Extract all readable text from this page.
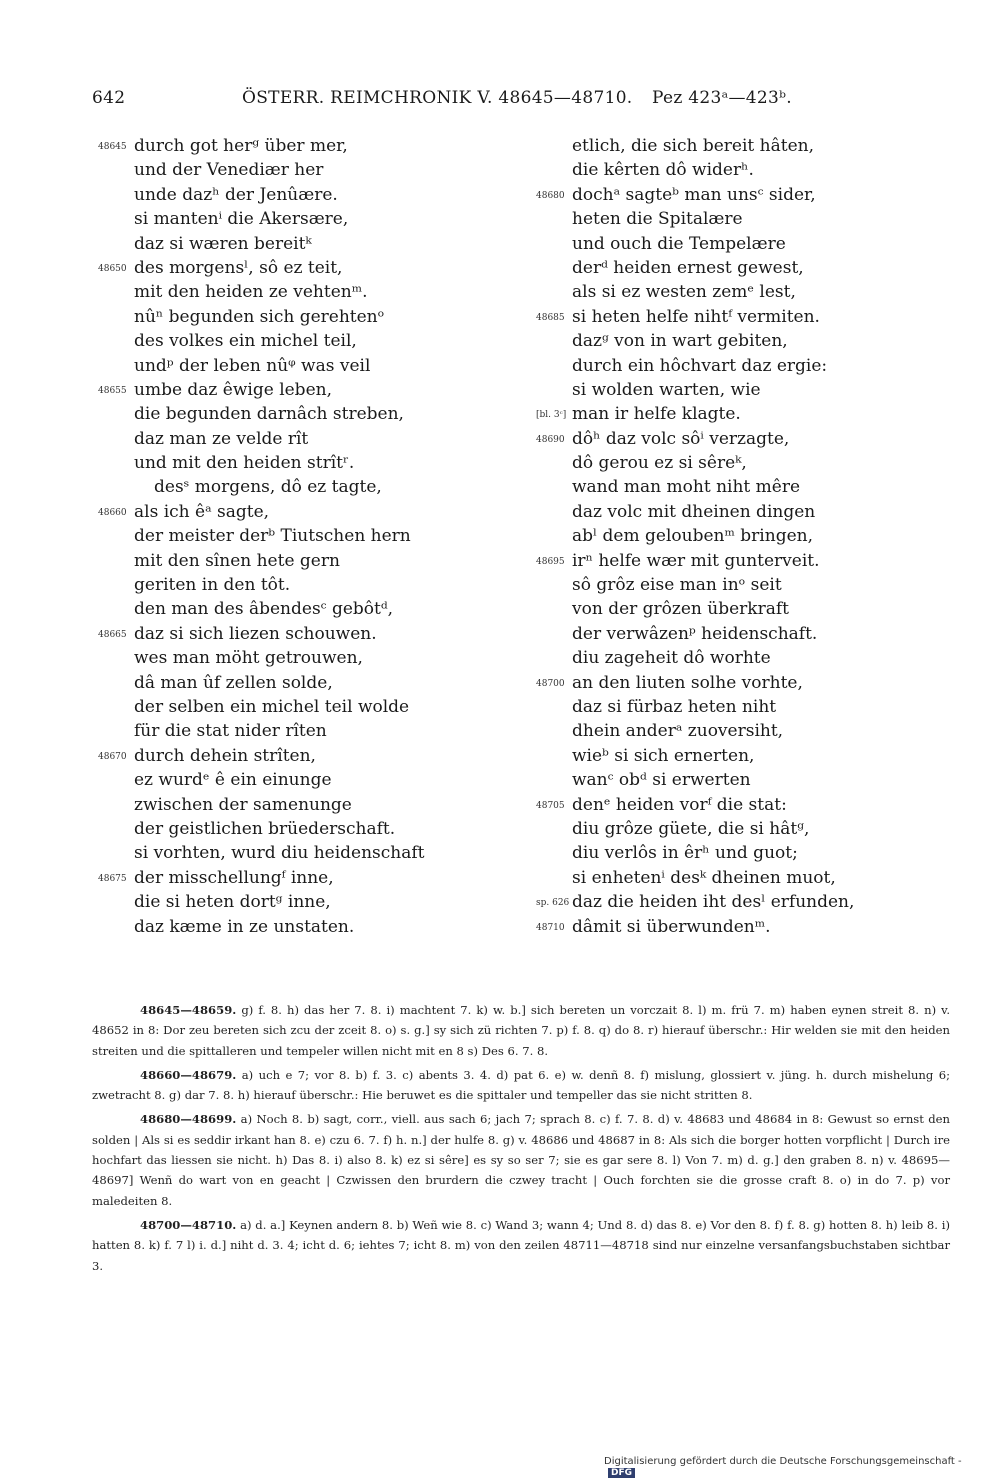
642	ÖSTERR. REIMCHRONIK V. 48645—48710. Pez 423ᵃ—423ᵇ.
48645 durch got herᵍ über mer,
und der Venediær her
unde dazʰ der Jenûære.
si mantenⁱ die Akersære,
daz si wæren bereitᵏ
48650 des morgensˡ, sô ez teit,
mit den heiden ze vehtenᵐ.
nûⁿ begunden sich gerehtenᵒ
des volkes ein michel teil,
undᵖ der leben nûᵠ was veil
48655 umbe daz êwige leben,
die begunden darnâch streben,
daz man ze velde rît
und mit den heiden strîtʳ.
desˢ morgens, dô ez tagte,
48660 als ich êᵃ sagte,
der meister derᵇ Tiutschen hern
mit den sînen hete gern
geriten in den tôt.
den man des âbendesᶜ gebôtᵈ,
48665 daz si sich liezen schouwen.
wes man möht getrouwen,
dâ man ûf zellen solde,
der selben ein michel teil wolde
für die stat nider rîten
48670 durch dehein strîten,
ez wurdᵉ ê ein einunge
zwischen der samenunge
der geistlichen brüederschaft.
si vorhten, wurd diu heidenschaft
48675 der misschellungᶠ inne,
die si heten dortᵍ inne,
daz kæme in ze unstaten.
etlich, die sich bereit hâten,
die kêrten dô widerʰ.
48680 dochᵃ sagteᵇ man unsᶜ sider,
heten die Spitalære
und ouch die Tempelære
derᵈ heiden ernest gewest,
als si ez westen zemᵉ lest,
48685 si heten helfe nihtᶠ vermiten.
dazᵍ von in wart gebiten,
durch ein hôchvart daz ergie:
si wolden warten, wie
[bl. 3ᶜ] man ir helfe klagte.
48690 dôʰ daz volc sôⁱ verzagte,
dô gerou ez si sêreᵏ,
wand man moht niht mêre
daz volc mit dheinen dingen
abˡ dem geloubenᵐ bringen,
48695 irⁿ helfe wær mit gunterveit.
sô grôz eise man inᵒ seit
von der grôzen überkraft
der verwâzenᵖ heidenschaft.
diu zageheit dô worhte
48700 an den liuten solhe vorhte,
daz si fürbaz heten niht
dhein anderᵃ zuoversiht,
wieᵇ si sich ernerten,
wanᶜ obᵈ si erwerten
48705 denᵉ heiden vorᶠ die stat:
diu grôze güete, die si hâtᵍ,
diu verlôs in êrʰ und guot;
si enhetenⁱ desᵏ dheinen muot,
sp. 626 daz die heiden iht desˡ erfunden,
48710 dâmit si überwundenᵐ.
48645—48659. g) f. 8. h) das her 7. 8. i) machtent 7. k) w. b.] sich bereten un vorczait 8. l) m. frü 7. m) haben eynen streit 8. n) v. 48652 in 8: Dor zeu bereten sich zcu der zceit 8. o) s. g.] sy sich zü richten 7. p) f. 8. q) do 8. r) hierauf überschr.: Hir welden sie mit den heiden streiten und die spittalleren und tempeler willen nicht mit en 8 s) Des 6. 7. 8.
48660—48679. a) uch e 7; vor 8. b) f. 3. c) abents 3. 4. d) pat 6. e) w. denñ 8. f) mislung, glossiert v. jüng. h. durch mishelung 6; zwetracht 8. g) dar 7. 8. h) hierauf überschr.: Hie beruwet es die spittaler und tempeller das sie nicht stritten 8.
48680—48699. a) Noch 8. b) sagt, corr., viell. aus sach 6; jach 7; sprach 8. c) f. 7. 8. d) v. 48683 und 48684 in 8: Gewust so ernst den solden | Als si es seddir irkant han 8. e) czu 6. 7. f) h. n.] der hulfe 8. g) v. 48686 und 48687 in 8: Als sich die borger hotten vorpflicht | Durch ire hochfart das liessen sie nicht. h) Das 8. i) also 8. k) ez si sêre] es sy so ser 7; sie es gar sere 8. l) Von 7. m) d. g.] den graben 8. n) v. 48695—48697] Wenñ do wart von en geacht | Czwissen den brurdern die czwey tracht | Ouch forchten sie die grosse craft 8. o) in do 7. p) vor maledeiten 8.
48700—48710. a) d. a.] Keynen andern 8. b) Weñ wie 8. c) Wand 3; wann 4; Und 8. d) das 8. e) Vor den 8. f) f. 8. g) hotten 8. h) leib 8. i) hatten 8. k) f. 7 l) i. d.] niht d. 3. 4; icht d. 6; iehtes 7; icht 8. m) von den zeilen 48711—48718 sind nur einzelne versanfangsbuchstaben sichtbar 3.
Digitalisierung gefördert durch die Deutsche Forschungsgemeinschaft - DFG
